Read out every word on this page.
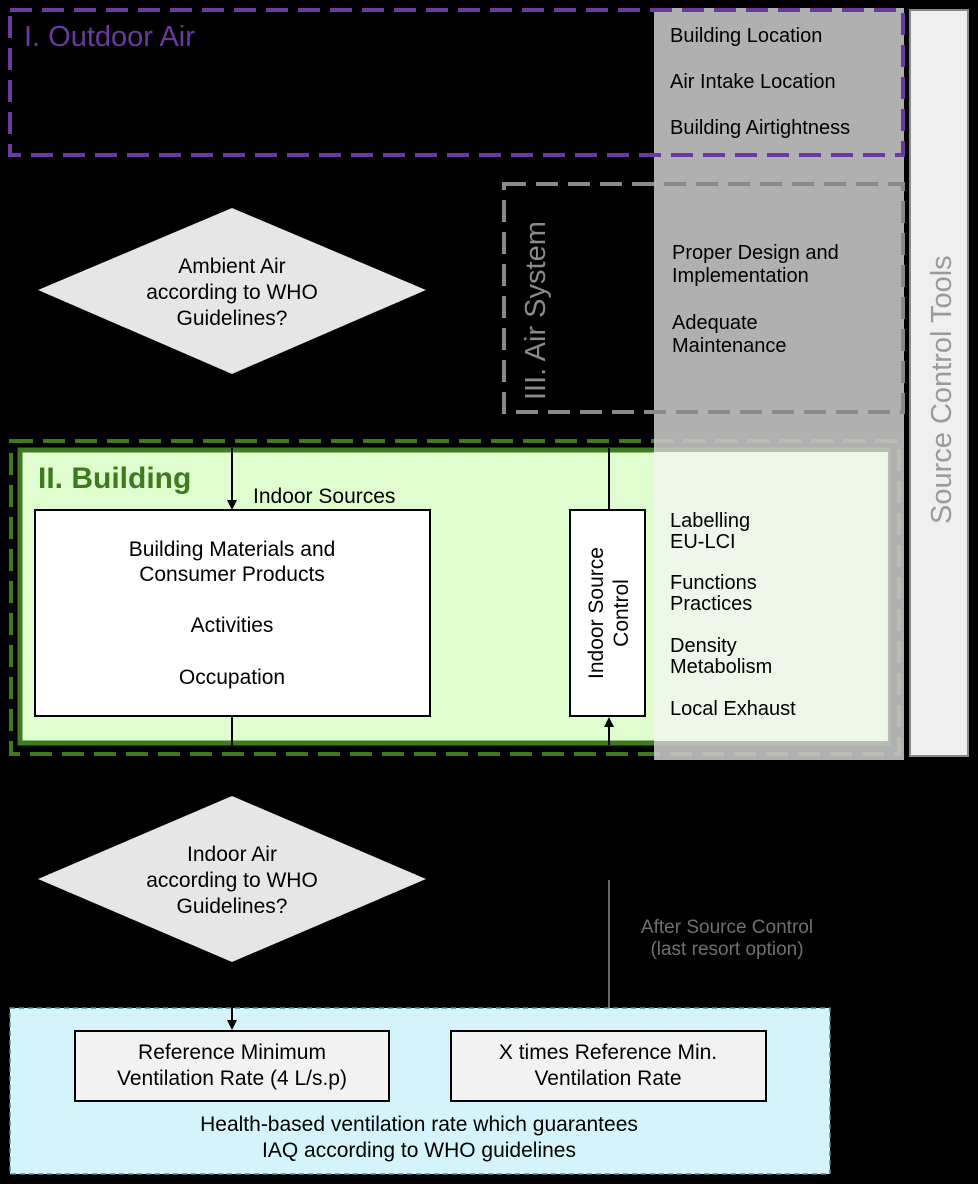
I. Outdoor Air	Building Location
Air Intake Location
Building Airtightness
III. Air System	Proper Design and
Implementation
Adequate
Maintenance	Source Control Tools
Ambient Air
according to WHO
Guidelines?
II. Building
Indoor Sources
Building Materials and
Consumer Products
Activities
Occupation	Indoor Source Control
Labelling
EU-LCI
Functions
Practices
Density
Metabolism
Local Exhaust
Indoor Air
according to WHO
Guidelines?
After Source Control
(last resort option)
Reference Minimum
Ventilation Rate (4 L/s.p)
X times Reference Min.
Ventilation Rate
Health-based ventilation rate which guarantees
IAQ according to WHO guidelines
